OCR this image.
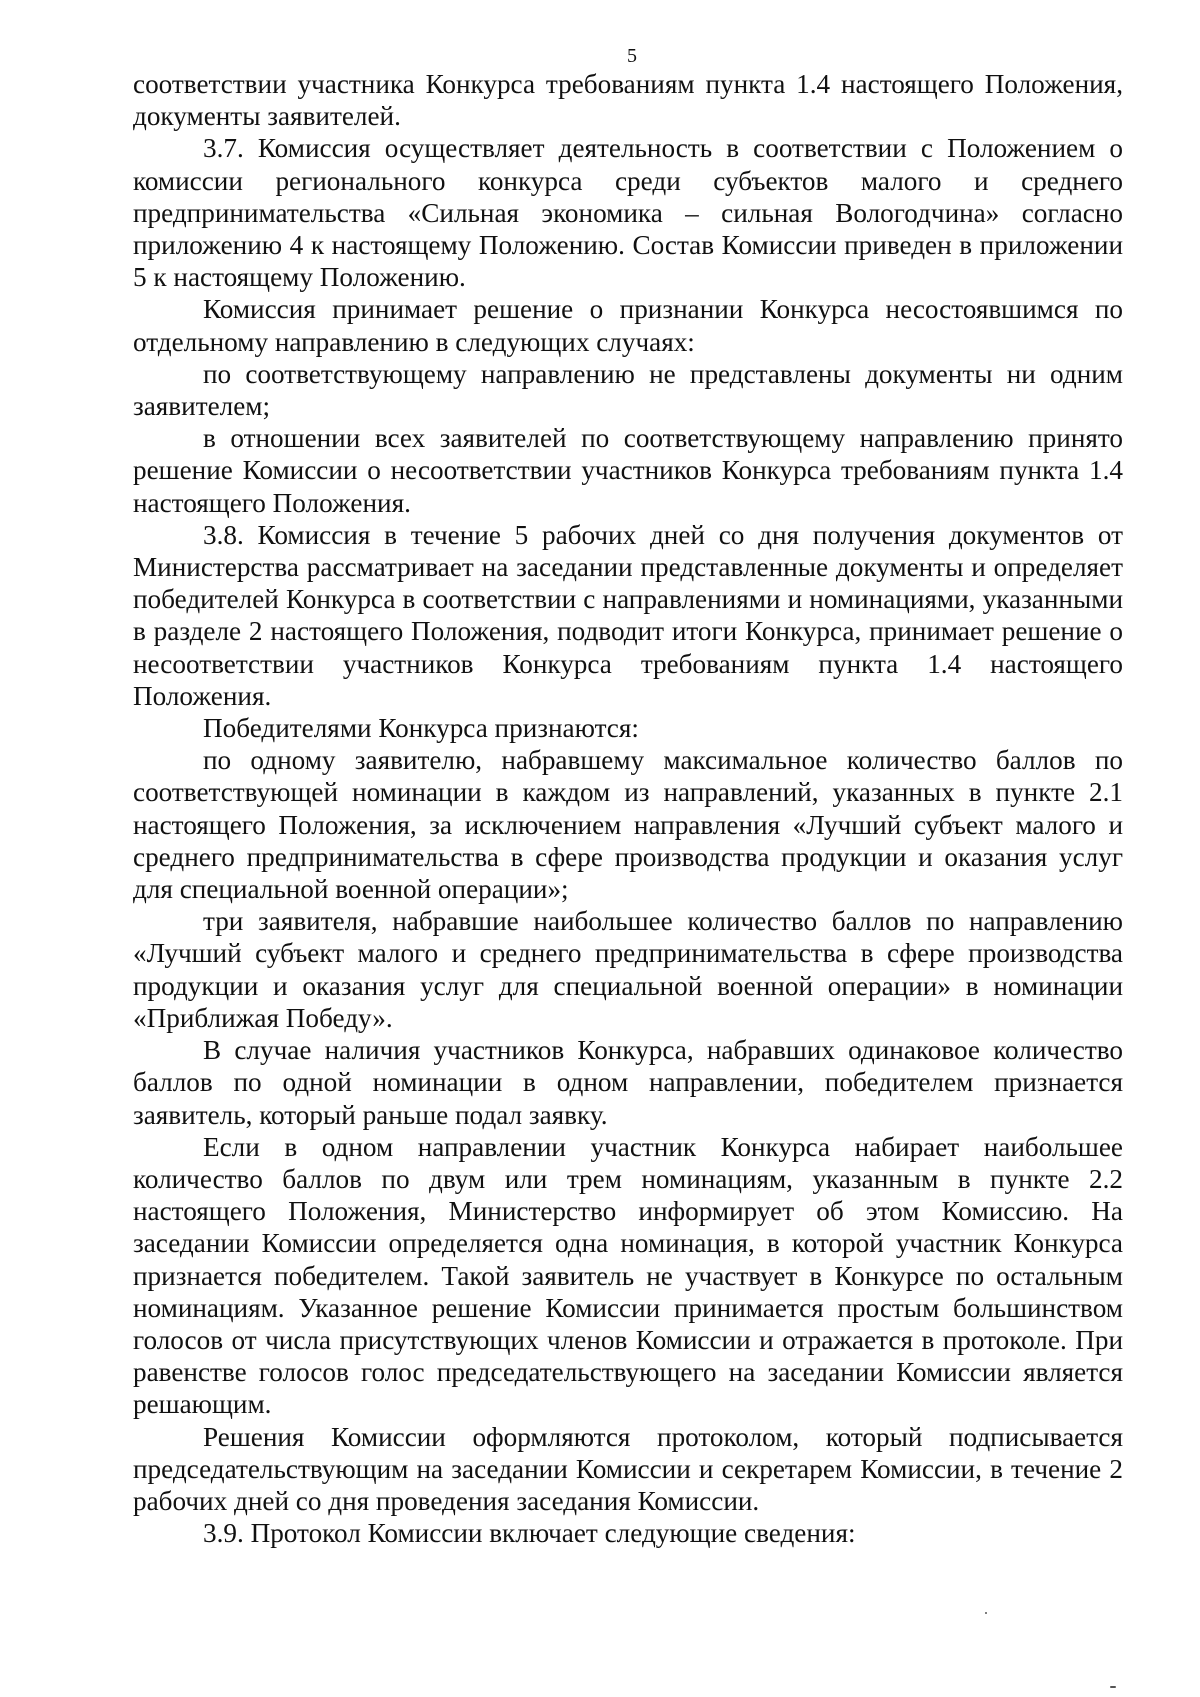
5

соответствии участника Конкурса требованиям пункта 1.4 настоящего Положения, документы заявителей.

3.7. Комиссия осуществляет деятельность в соответствии с Положением о комиссии регионального конкурса среди субъектов малого и среднего предпринимательства «Сильная экономика – сильная Вологодчина» согласно приложению 4 к настоящему Положению. Состав Комиссии приведен в приложении 5 к настоящему Положению.

Комиссия принимает решение о признании Конкурса несостоявшимся по отдельному направлению в следующих случаях:

по соответствующему направлению не представлены документы ни одним заявителем;

в отношении всех заявителей по соответствующему направлению принято решение Комиссии о несоответствии участников Конкурса требованиям пункта 1.4 настоящего Положения.

3.8. Комиссия в течение 5 рабочих дней со дня получения документов от Министерства рассматривает на заседании представленные документы и определяет победителей Конкурса в соответствии с направлениями и номинациями, указанными в разделе 2 настоящего Положения, подводит итоги Конкурса, принимает решение о несоответствии участников Конкурса требованиям пункта 1.4 настоящего Положения.

Победителями Конкурса признаются:

по одному заявителю, набравшему максимальное количество баллов по соответствующей номинации в каждом из направлений, указанных в пункте 2.1 настоящего Положения, за исключением направления «Лучший субъект малого и среднего предпринимательства в сфере производства продукции и оказания услуг для специальной военной операции»;

три заявителя, набравшие наибольшее количество баллов по направлению «Лучший субъект малого и среднего предпринимательства в сфере производства продукции и оказания услуг для специальной военной операции» в номинации «Приближая Победу».

В случае наличия участников Конкурса, набравших одинаковое количество баллов по одной номинации в одном направлении, победителем признается заявитель, который раньше подал заявку.

Если в одном направлении участник Конкурса набирает наибольшее количество баллов по двум или трем номинациям, указанным в пункте 2.2 настоящего Положения, Министерство информирует об этом Комиссию. На заседании Комиссии определяется одна номинация, в которой участник Конкурса признается победителем. Такой заявитель не участвует в Конкурсе по остальным номинациям. Указанное решение Комиссии принимается простым большинством голосов от числа присутствующих членов Комиссии и отражается в протоколе. При равенстве голосов голос председательствующего на заседании Комиссии является решающим.

Решения Комиссии оформляются протоколом, который подписывается председательствующим на заседании Комиссии и секретарем Комиссии, в течение 2 рабочих дней со дня проведения заседания Комиссии.

3.9. Протокол Комиссии включает следующие сведения:
